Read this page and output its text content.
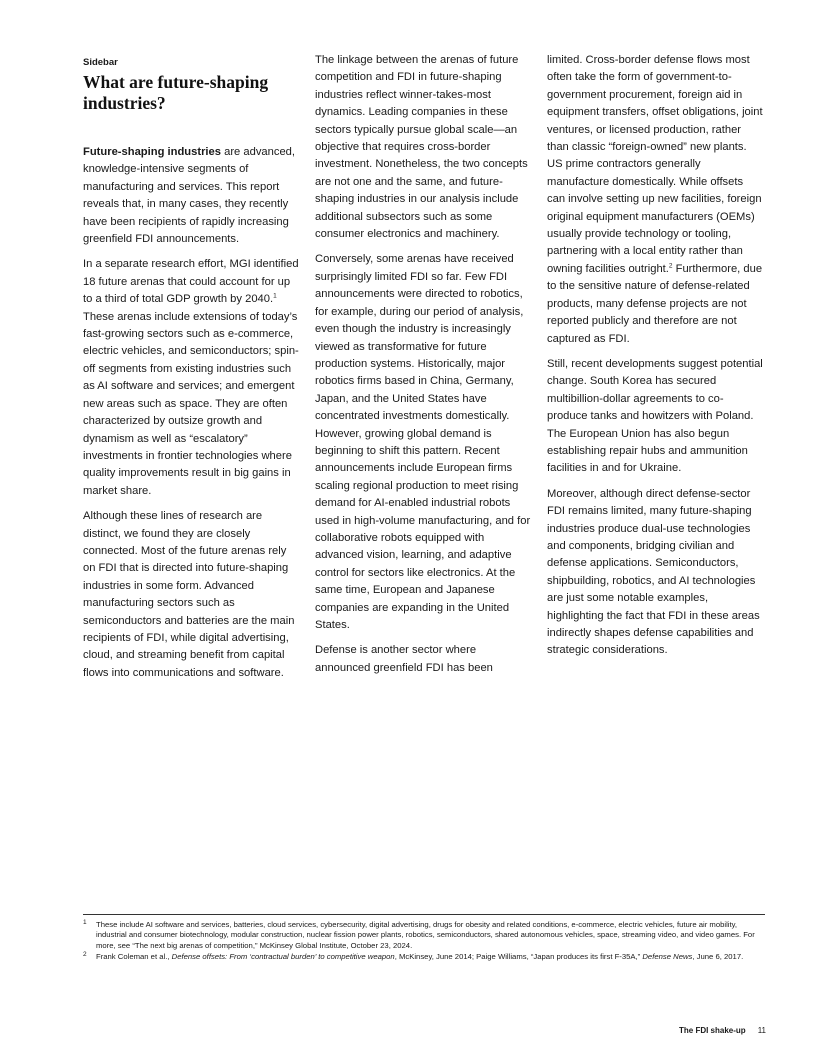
Sidebar
What are future-shaping industries?

Future-shaping industries are advanced, knowledge-intensive segments of manufacturing and services. This report reveals that, in many cases, they recently have been recipients of rapidly increasing greenfield FDI announcements.

In a separate research effort, MGI identified 18 future arenas that could account for up to a third of total GDP growth by 2040.$^1$ These arenas include extensions of today’s fast-growing sectors such as e-commerce, electric vehicles, and semiconductors; spin-off segments from existing industries such as AI software and services; and emergent new areas such as space. They are often characterized by outsize growth and dynamism as well as “escalatory” investments in frontier technologies where quality improvements result in big gains in market share.

Although these lines of research are distinct, we found they are closely connected. Most of the future arenas rely on FDI that is directed into future-shaping industries in some form. Advanced manufacturing sectors such as semiconductors and batteries are the main recipients of FDI, while digital advertising, cloud, and streaming benefit from capital flows into communications and software.

The linkage between the arenas of future competition and FDI in future-shaping industries reflect winner-takes-most dynamics. Leading companies in these sectors typically pursue global scale—an objective that requires cross-border investment. Nonetheless, the two concepts are not one and the same, and future-shaping industries in our analysis include additional subsectors such as some consumer electronics and machinery.

Conversely, some arenas have received surprisingly limited FDI so far. Few FDI announcements were directed to robotics, for example, during our period of analysis, even though the industry is increasingly viewed as transformative for future production systems. Historically, major robotics firms based in China, Germany, Japan, and the United States have concentrated investments domestically. However, growing global demand is beginning to shift this pattern. Recent announcements include European firms scaling regional production to meet rising demand for AI-enabled industrial robots used in high-volume manufacturing, and for collaborative robots equipped with advanced vision, learning, and adaptive control for sectors like electronics. At the same time, European and Japanese companies are expanding in the United States.

Defense is another sector where announced greenfield FDI has been

limited. Cross-border defense flows most often take the form of government-to-government procurement, foreign aid in equipment transfers, offset obligations, joint ventures, or licensed production, rather than classic “foreign-owned” new plants. US prime contractors generally manufacture domestically. While offsets can involve setting up new facilities, foreign original equipment manufacturers (OEMs) usually provide technology or tooling, partnering with a local entity rather than owning facilities outright.$^2$ Furthermore, due to the sensitive nature of defense-related products, many defense projects are not reported publicly and therefore are not captured as FDI.

Still, recent developments suggest potential change. South Korea has secured multibillion-dollar agreements to co-produce tanks and howitzers with Poland. The European Union has also begun establishing repair hubs and ammunition facilities in and for Ukraine.

Moreover, although direct defense-sector FDI remains limited, many future-shaping industries produce dual-use technologies and components, bridging civilian and defense applications. Semiconductors, shipbuilding, robotics, and AI technologies are just some notable examples, highlighting the fact that FDI in these areas indirectly shapes defense capabilities and strategic considerations.

1 These include AI software and services, batteries, cloud services, cybersecurity, digital advertising, drugs for obesity and related conditions, e-commerce, electric vehicles, future air mobility, industrial and consumer biotechnology, modular construction, nuclear fission power plants, robotics, semiconductors, shared autonomous vehicles, space, streaming video, and video games. For more, see “The next big arenas of competition,” McKinsey Global Institute, October 23, 2024.
2 Frank Coleman et al., Defense offsets: From ‘contractual burden’ to competitive weapon, McKinsey, June 2014; Paige Williams, “Japan produces its first F-35A,” Defense News, June 6, 2017.
The FDI shake-up 11
